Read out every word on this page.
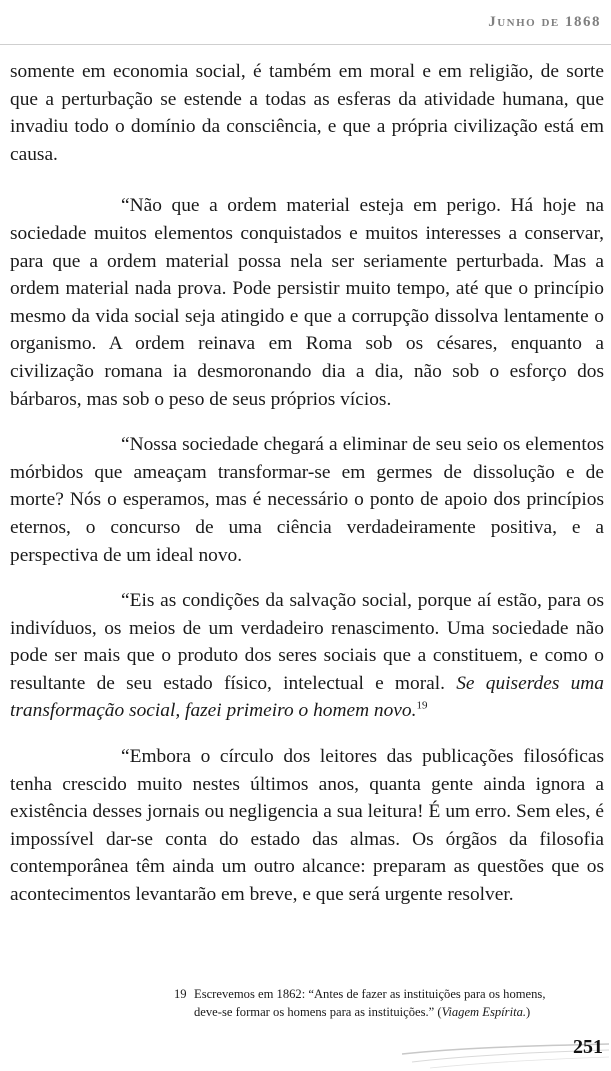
Junho de 1868

somente em economia social, é também em moral e em religião, de sorte que a perturbação se estende a todas as esferas da atividade humana, que invadiu todo o domínio da consciência, e que a própria civilização está em causa.

“Não que a ordem material esteja em perigo. Há hoje na sociedade muitos elementos conquistados e muitos interesses a conservar, para que a ordem material possa nela ser seriamente perturbada. Mas a ordem material nada prova. Pode persistir muito tempo, até que o princípio mesmo da vida social seja atingido e que a corrupção dissolva lentamente o organismo. A ordem reinava em Roma sob os césares, enquanto a civilização romana ia desmoronando dia a dia, não sob o esforço dos bárbaros, mas sob o peso de seus próprios vícios.

“Nossa sociedade chegará a eliminar de seu seio os elementos mórbidos que ameaçam transformar-se em germes de dissolução e de morte? Nós o esperamos, mas é necessário o ponto de apoio dos princípios eternos, o concurso de uma ciência verdadeiramente positiva, e a perspectiva de um ideal novo.

“Eis as condições da salvação social, porque aí estão, para os indivíduos, os meios de um verdadeiro renascimento. Uma sociedade não pode ser mais que o produto dos seres sociais que a constituem, e como o resultante de seu estado físico, intelectual e moral. Se quiserdes uma transformação social, fazei primeiro o homem novo.$^{19}$

“Embora o círculo dos leitores das publicações filosóficas tenha crescido muito nestes últimos anos, quanta gente ainda ignora a existência desses jornais ou negligencia a sua leitura! É um erro. Sem eles, é impossível dar-se conta do estado das almas. Os órgãos da filosofia contemporânea têm ainda um outro alcance: preparam as questões que os acontecimentos levantarão em breve, e que será urgente resolver.

19 Escrevemos em 1862: “Antes de fazer as instituições para os homens,
deve-se formar os homens para as instituições.” (Viagem Espírita.)
251
